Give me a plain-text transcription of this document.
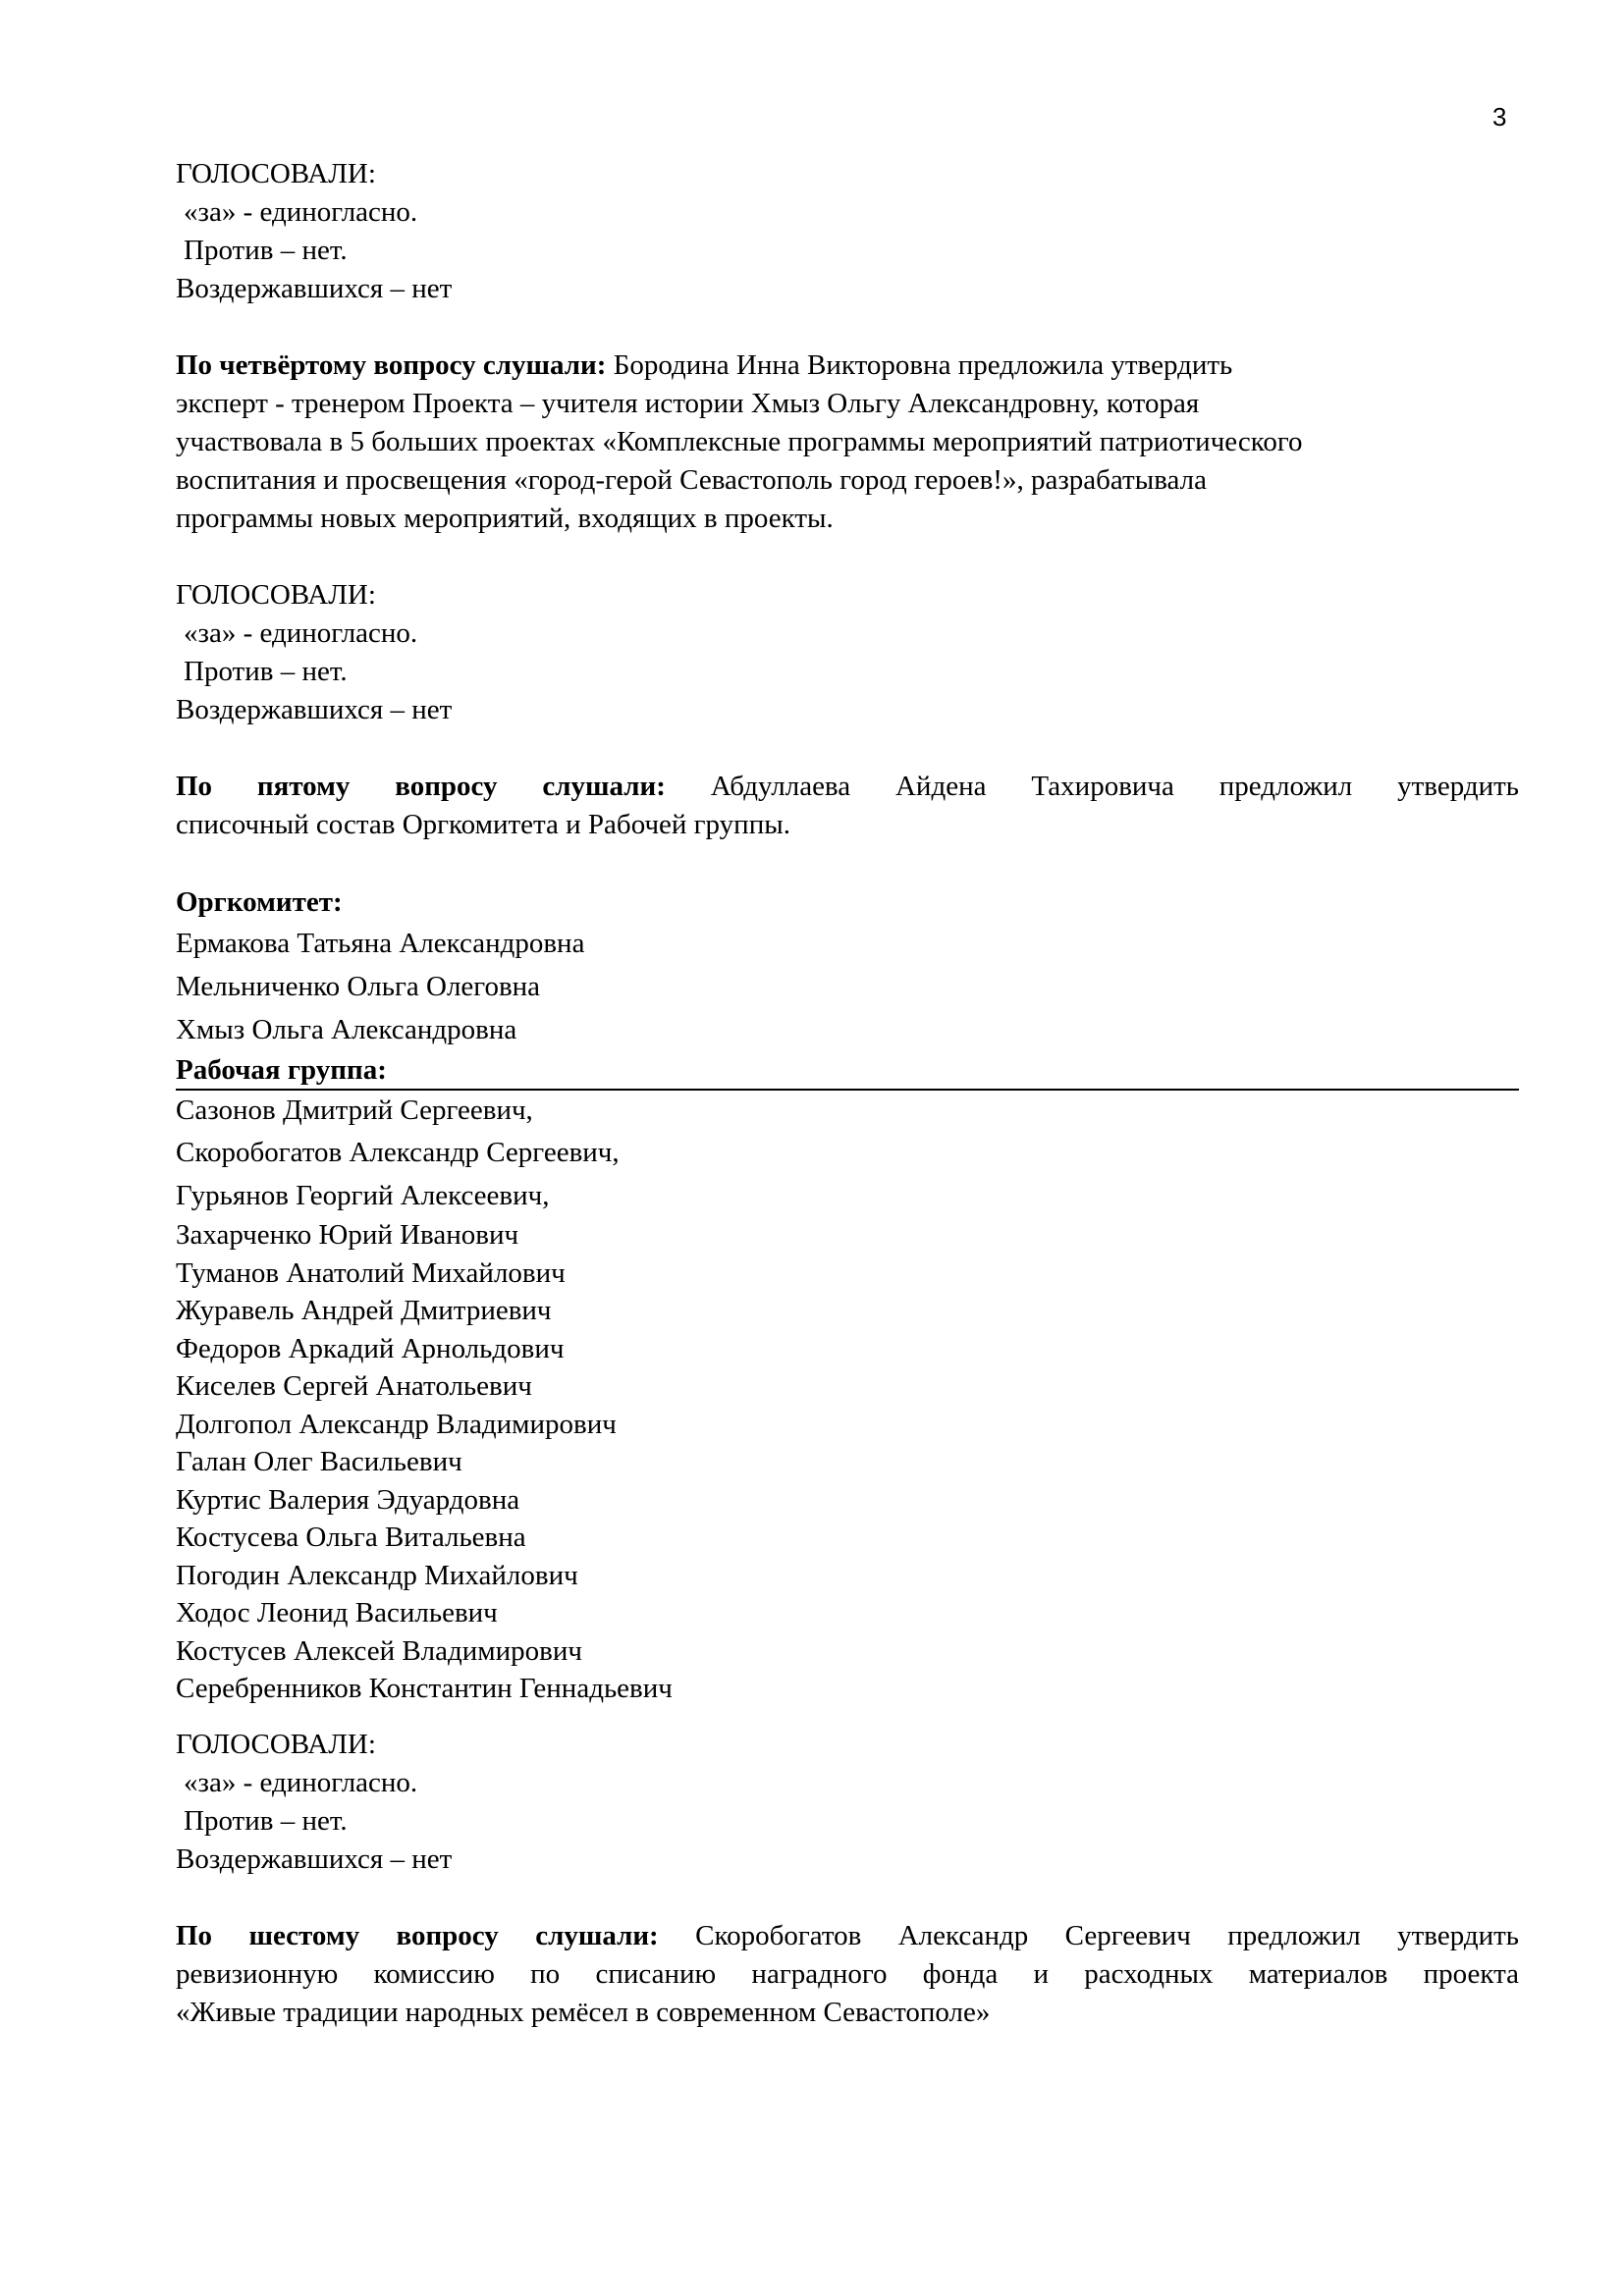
3

ГОЛОСОВАЛИ:

«за» - единогласно.

Против – нет.

Воздержавшихся – нет

По четвёртому вопросу слушали: Бородина Инна Викторовна предложила утвердить

эксперт - тренером Проекта – учителя истории Хмыз Ольгу Александровну, которая

участвовала в 5 больших проектах «Комплексные программы мероприятий патриотического

воспитания и просвещения «город-герой Севастополь город героев!», разрабатывала

программы новых мероприятий, входящих в проекты.

ГОЛОСОВАЛИ:

«за» - единогласно.

Против – нет.

Воздержавшихся – нет

По пятому вопросу слушали: Абдуллаева Айдена Тахировича предложил утвердить

списочный состав Оргкомитета и Рабочей группы.

Оргкомитет:

Ермакова Татьяна Александровна

Мельниченко Ольга Олеговна

Хмыз Ольга Александровна

Рабочая группа:

Сазонов Дмитрий Сергеевич,

Скоробогатов Александр Сергеевич,

Гурьянов Георгий Алексеевич,

Захарченко Юрий Иванович

Туманов Анатолий Михайлович

Журавель Андрей Дмитриевич

Федоров Аркадий Арнольдович

Киселев Сергей Анатольевич

Долгопол Александр Владимирович

Галан Олег Васильевич

Куртис Валерия Эдуардовна

Костусева Ольга Витальевна

Погодин Александр Михайлович

Ходос Леонид Васильевич

Костусев Алексей Владимирович

Серебренников Константин Геннадьевич

ГОЛОСОВАЛИ:

«за» - единогласно.

Против – нет.

Воздержавшихся – нет

По шестому вопросу слушали: Скоробогатов Александр Сергеевич предложил утвердить

ревизионную комиссию по списанию наградного фонда и расходных материалов проекта

«Живые традиции народных ремёсел в современном Севастополе»
